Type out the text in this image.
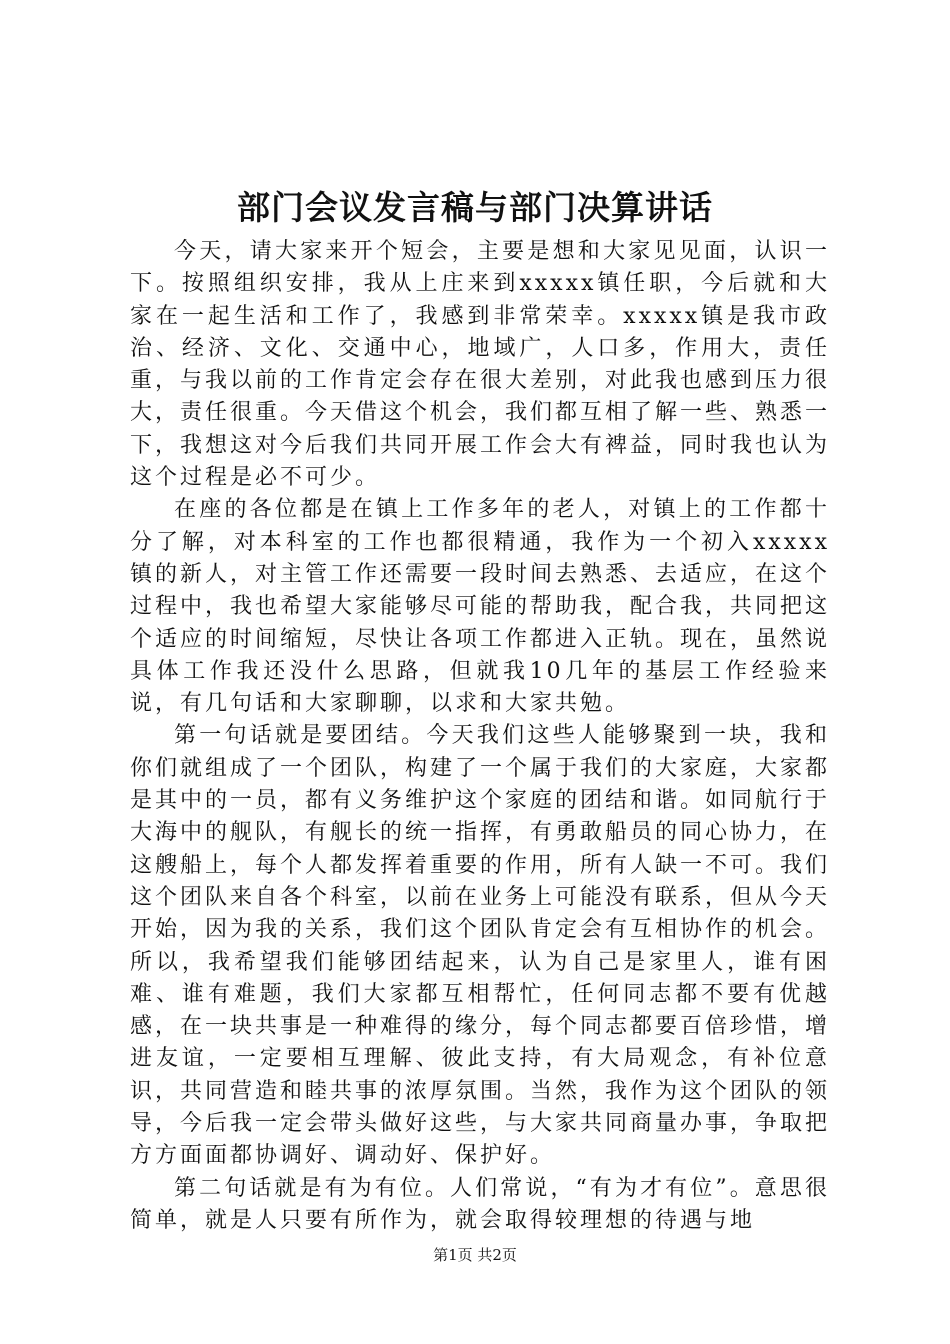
部门会议发言稿与部门决算讲话

今天，请大家来开个短会，主要是想和大家见见面，认识一下。按照组织安排，我从上庄来到xxxxx镇任职，今后就和大家在一起生活和工作了，我感到非常荣幸。xxxxx镇是我市政治、经济、文化、交通中心，地域广，人口多，作用大，责任重，与我以前的工作肯定会存在很大差别，对此我也感到压力很大，责任很重。今天借这个机会，我们都互相了解一些、熟悉一下，我想这对今后我们共同开展工作会大有裨益，同时我也认为这个过程是必不可少。

在座的各位都是在镇上工作多年的老人，对镇上的工作都十分了解，对本科室的工作也都很精通，我作为一个初入xxxxx镇的新人，对主管工作还需要一段时间去熟悉、去适应，在这个过程中，我也希望大家能够尽可能的帮助我，配合我，共同把这个适应的时间缩短，尽快让各项工作都进入正轨。现在，虽然说具体工作我还没什么思路，但就我10几年的基层工作经验来说，有几句话和大家聊聊，以求和大家共勉。

第一句话就是要团结。今天我们这些人能够聚到一块，我和你们就组成了一个团队，构建了一个属于我们的大家庭，大家都是其中的一员，都有义务维护这个家庭的团结和谐。如同航行于大海中的舰队，有舰长的统一指挥，有勇敢船员的同心协力，在这艘船上，每个人都发挥着重要的作用，所有人缺一不可。我们这个团队来自各个科室，以前在业务上可能没有联系，但从今天开始，因为我的关系，我们这个团队肯定会有互相协作的机会。所以，我希望我们能够团结起来，认为自己是家里人，谁有困难、谁有难题，我们大家都互相帮忙，任何同志都不要有优越感，在一块共事是一种难得的缘分，每个同志都要百倍珍惜，增进友谊，一定要相互理解、彼此支持，有大局观念，有补位意识，共同营造和睦共事的浓厚氛围。当然，我作为这个团队的领导，今后我一定会带头做好这些，与大家共同商量办事，争取把方方面面都协调好、调动好、保护好。

第二句话就是有为有位。人们常说，“有为才有位”。意思很简单，就是人只要有所作为，就会取得较理想的待遇与地

第1页 共2页
